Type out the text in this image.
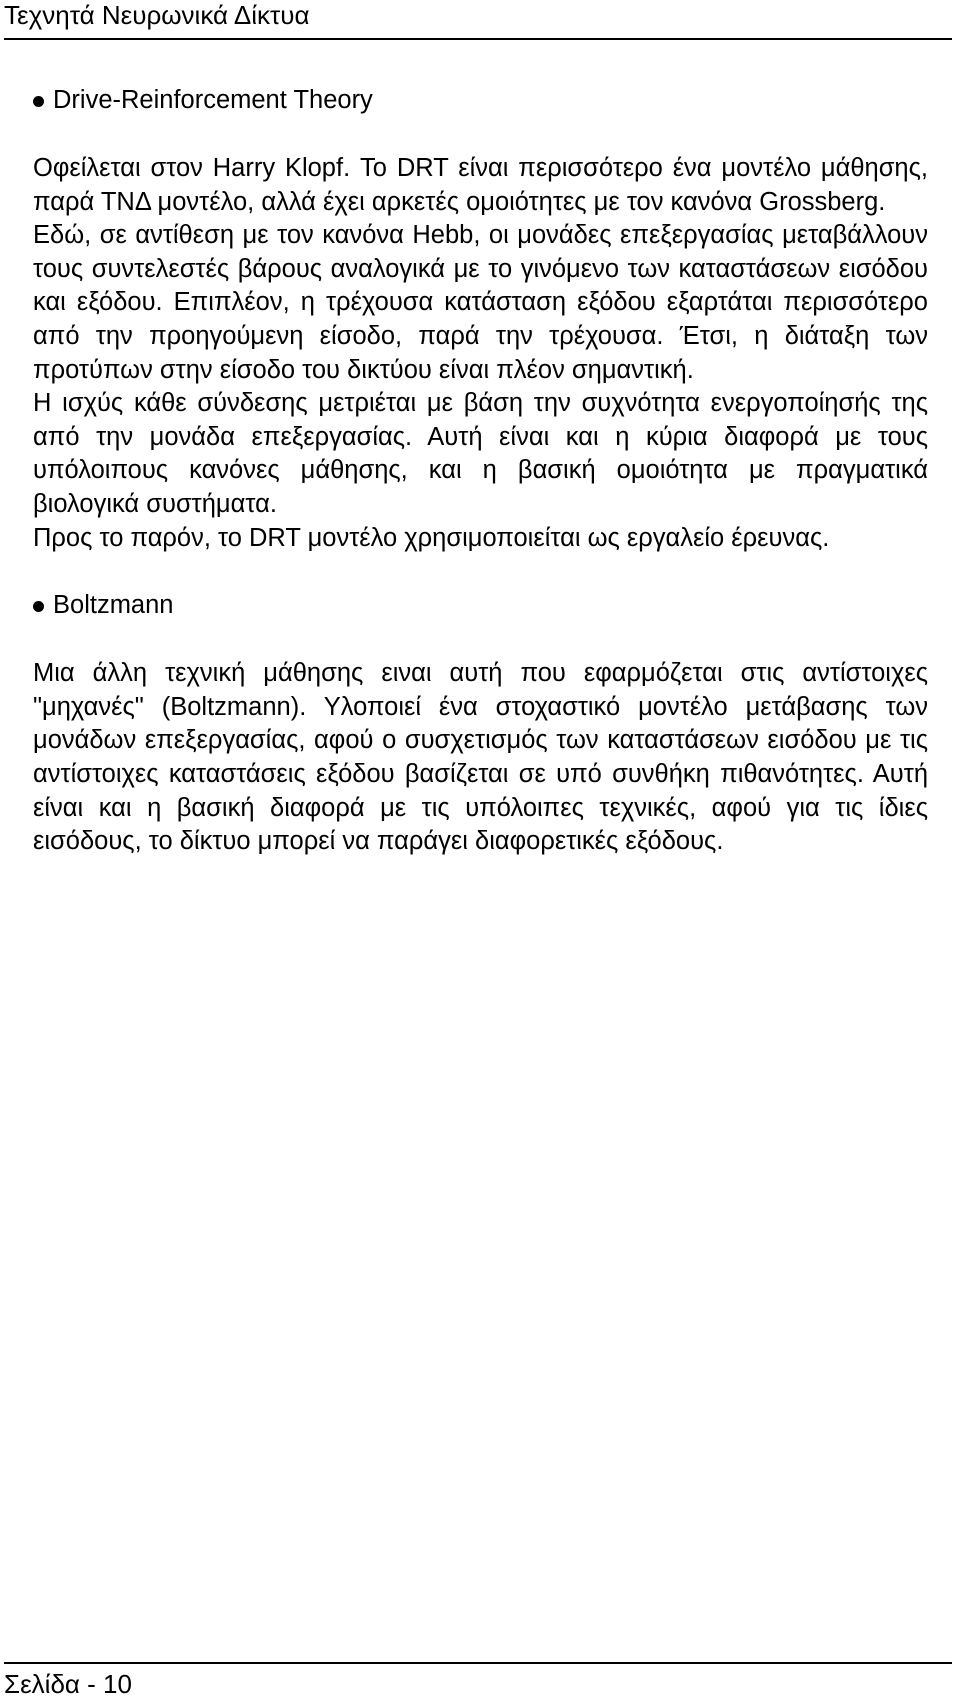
Τεχνητά Νευρωνικά Δίκτυα
Drive-Reinforcement Theory

Οφείλεται στον Harry Klopf. Το DRT είναι περισσότερο ένα μοντέλο μάθησης, παρά ΤΝΔ μοντέλο, αλλά έχει αρκετές ομοιότητες με τον κανόνα Grossberg.

Εδώ, σε αντίθεση με τον κανόνα Hebb, οι μονάδες επεξεργασίας μεταβάλλουν τους συντελεστές βάρους αναλογικά με το γινόμενο των καταστάσεων εισόδου και εξόδου. Επιπλέον, η τρέχουσα κατάσταση εξόδου εξαρτάται περισσότερο από την προηγούμενη είσοδο, παρά την τρέχουσα. Έτσι, η διάταξη των προτύπων στην είσοδο του δικτύου είναι πλέον σημαντική.

Η ισχύς κάθε σύνδεσης μετριέται με βάση την συχνότητα ενεργοποίησής της από την μονάδα επεξεργασίας. Αυτή είναι και η κύρια διαφορά με τους υπόλοιπους κανόνες μάθησης, και η βασική ομοιότητα με πραγματικά βιολογικά συστήματα.

Προς το παρόν, το DRT μοντέλο χρησιμοποιείται ως εργαλείο έρευνας.

Boltzmann

Μια άλλη τεχνική μάθησης ειναι αυτή που εφαρμόζεται στις αντίστοιχες "μηχανές" (Boltzmann). Υλοποιεί ένα στοχαστικό μοντέλο μετάβασης των μονάδων επεξεργασίας, αφού ο συσχετισμός των καταστάσεων εισόδου με τις αντίστοιχες καταστάσεις εξόδου βασίζεται σε υπό συνθήκη πιθανότητες. Αυτή είναι και η βασική διαφορά με τις υπόλοιπες τεχνικές, αφού για τις ίδιες εισόδους, το δίκτυο μπορεί να παράγει διαφορετικές εξόδους.

Σελίδα - 10
